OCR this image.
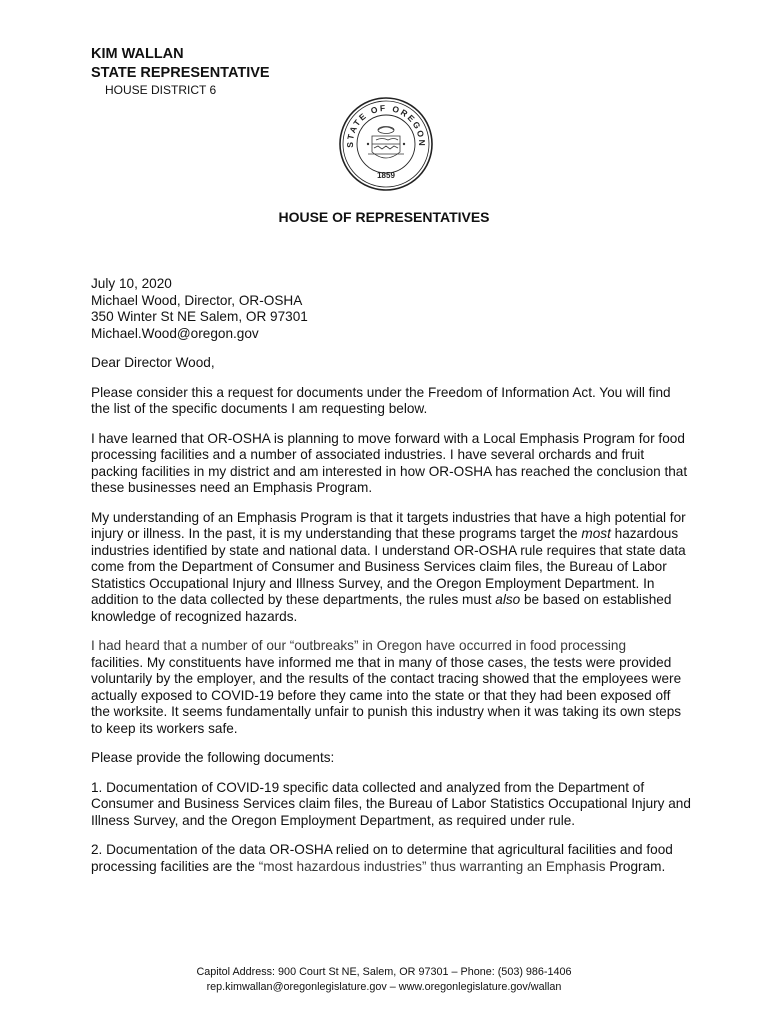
KIM WALLAN
STATE REPRESENTATIVE
HOUSE DISTRICT 6
STATE OF OREGON
1859
HOUSE OF REPRESENTATIVES

July 10, 2020
Michael Wood, Director, OR-OSHA
350 Winter St NE Salem, OR 97301
Michael.Wood@oregon.gov

Dear Director Wood,

Please consider this a request for documents under the Freedom of Information Act. You will find the list of the specific documents I am requesting below.

I have learned that OR-OSHA is planning to move forward with a Local Emphasis Program for food processing facilities and a number of associated industries. I have several orchards and fruit packing facilities in my district and am interested in how OR-OSHA has reached the conclusion that these businesses need an Emphasis Program.

My understanding of an Emphasis Program is that it targets industries that have a high potential for injury or illness. In the past, it is my understanding that these programs target the most hazardous industries identified by state and national data. I understand OR-OSHA rule requires that state data come from the Department of Consumer and Business Services claim files, the Bureau of Labor Statistics Occupational Injury and Illness Survey, and the Oregon Employment Department. In addition to the data collected by these departments, the rules must also be based on established knowledge of recognized hazards.

I had heard that a number of our “outbreaks” in Oregon have occurred in food processing
facilities. My constituents have informed me that in many of those cases, the tests were provided voluntarily by the employer, and the results of the contact tracing showed that the employees were actually exposed to COVID-19 before they came into the state or that they had been exposed off the worksite. It seems fundamentally unfair to punish this industry when it was taking its own steps to keep its workers safe.

Please provide the following documents:

1. Documentation of COVID-19 specific data collected and analyzed from the Department of Consumer and Business Services claim files, the Bureau of Labor Statistics Occupational Injury and Illness Survey, and the Oregon Employment Department, as required under rule.

2. Documentation of the data OR-OSHA relied on to determine that agricultural facilities and food processing facilities are the “most hazardous industries” thus warranting an Emphasis Program.

Capitol Address: 900 Court St NE, Salem, OR 97301 – Phone: (503) 986-1406
rep.kimwallan@oregonlegislature.gov – www.oregonlegislature.gov/wallan
